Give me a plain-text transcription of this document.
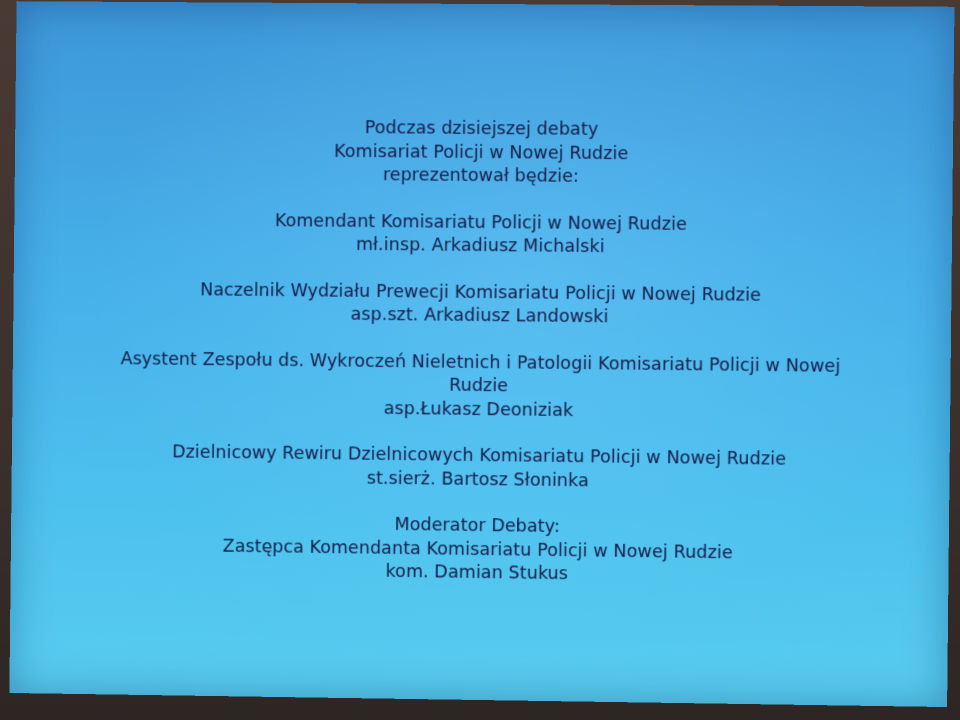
Podczas dzisiejszej debaty
Komisariat Policji w Nowej Rudzie
reprezentował będzie:
Komendant Komisariatu Policji w Nowej Rudzie
mł.insp. Arkadiusz Michalski
Naczelnik Wydziału Prewecji Komisariatu Policji w Nowej Rudzie
asp.szt. Arkadiusz Landowski
Asystent Zespołu ds. Wykroczeń Nieletnich i Patologii Komisariatu Policji w Nowej
Rudzie
asp.Łukasz Deoniziak
Dzielnicowy Rewiru Dzielnicowych Komisariatu Policji w Nowej Rudzie
st.sierż. Bartosz Słoninka
Moderator Debaty:
Zastępca Komendanta Komisariatu Policji w Nowej Rudzie
kom. Damian Stukus
